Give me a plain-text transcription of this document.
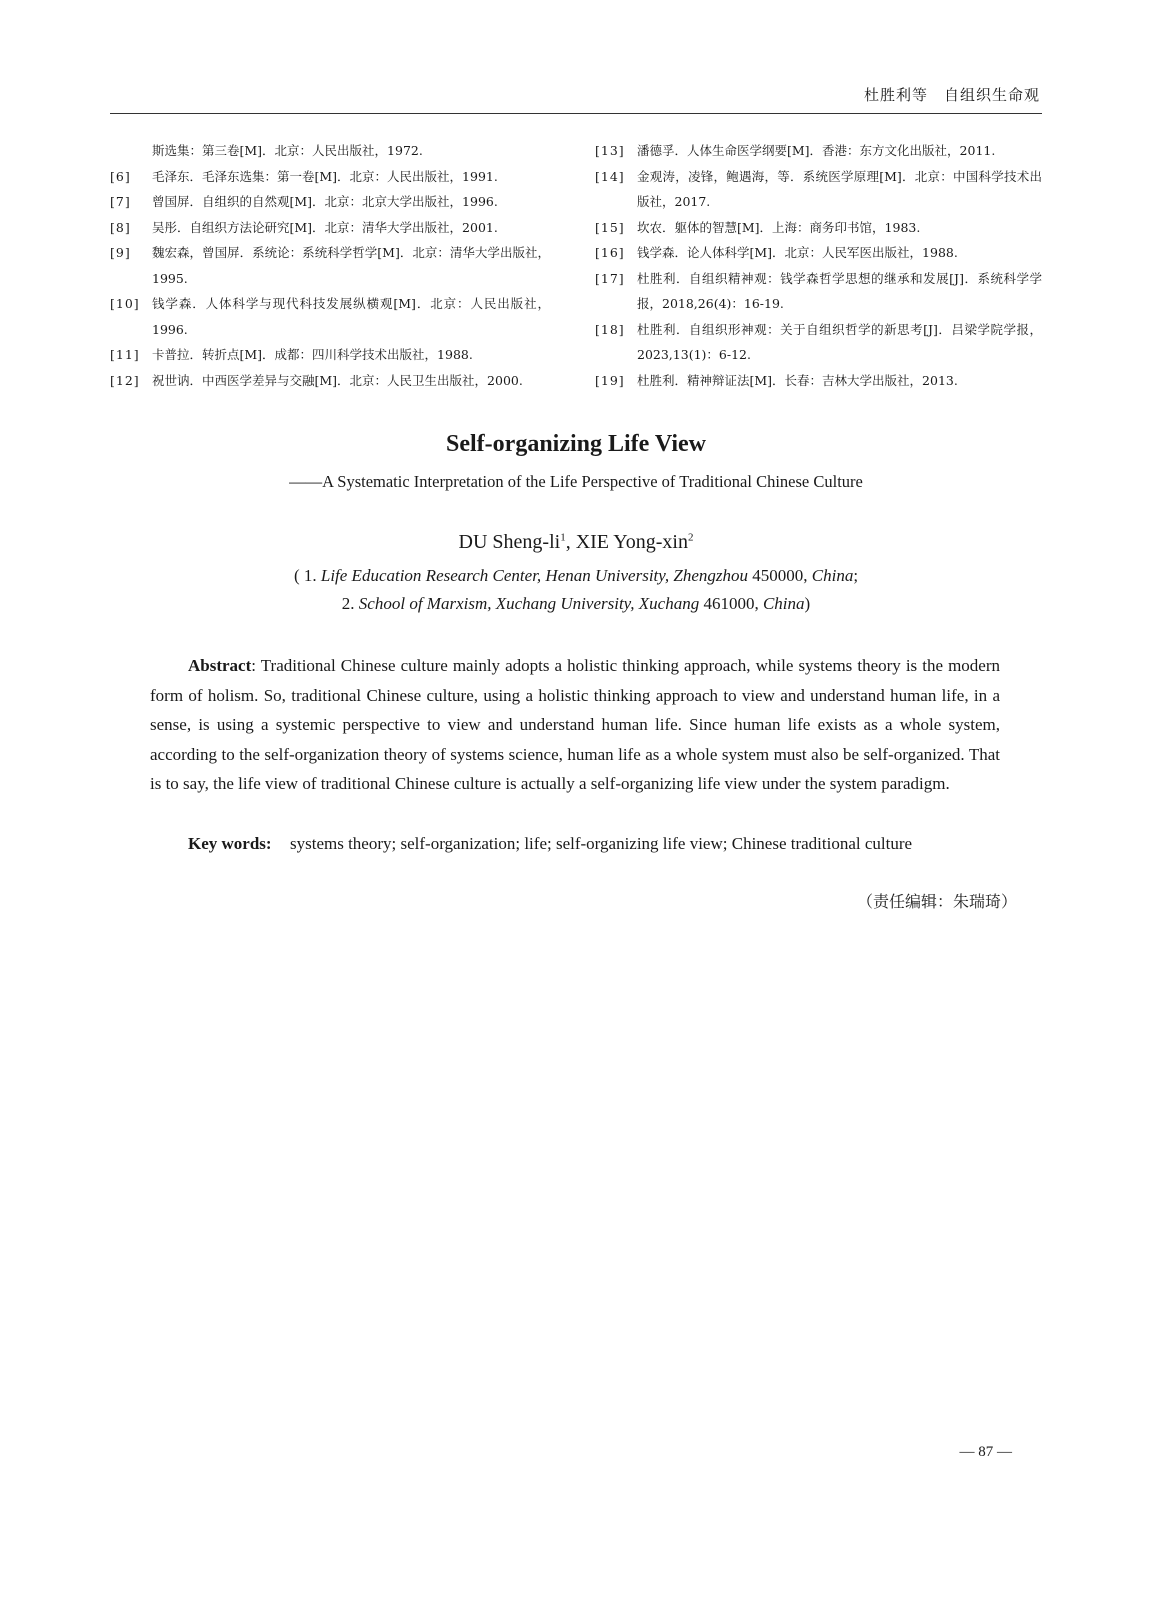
杜胜利等　自组织生命观
斯选集：第三卷[M]．北京：人民出版社，1972.
[6] 毛泽东．毛泽东选集：第一卷[M]．北京：人民出版社，1991.
[7] 曾国屏．自组织的自然观[M]．北京：北京大学出版社，1996.
[8] 吴彤．自组织方法论研究[M]．北京：清华大学出版社，2001.
[9] 魏宏森，曾国屏．系统论：系统科学哲学[M]．北京：清华大学出版社，1995.
[10] 钱学森．人体科学与现代科技发展纵横观[M]．北京：人民出版社，1996.
[11] 卡普拉．转折点[M]．成都：四川科学技术出版社，1988.
[12] 祝世讷．中西医学差异与交融[M]．北京：人民卫生出版社，2000.
[13] 潘德孚．人体生命医学纲要[M]．香港：东方文化出版社，2011.
[14] 金观涛，凌锋，鲍遇海，等．系统医学原理[M]．北京：中国科学技术出版社，2017.
[15] 坎农．躯体的智慧[M]．上海：商务印书馆，1983.
[16] 钱学森．论人体科学[M]．北京：人民军医出版社，1988.
[17] 杜胜利．自组织精神观：钱学森哲学思想的继承和发展[J]．系统科学学报，2018,26(4)：16-19.
[18] 杜胜利．自组织形神观：关于自组织哲学的新思考[J]．吕梁学院学报，2023,13(1)：6-12.
[19] 杜胜利．精神辩证法[M]．长春：吉林大学出版社，2013.
Self-organizing Life View
——A Systematic Interpretation of the Life Perspective of Traditional Chinese Culture
DU Sheng-$li^1$, XIE Yong-xin$^2$
( 1. Life Education Research Center, Henan University, Zhengzhou 450000, China;
2. School of Marxism, Xuchang University, Xuchang 461000, China)
Abstract: Traditional Chinese culture mainly adopts a holistic thinking approach, while systems theory is the modern form of holism. So, traditional Chinese culture, using a holistic thinking approach to view and understand human life, in a sense, is using a systemic perspective to view and understand human life. Since human life exists as a whole system, according to the self-organization theory of systems science, human life as a whole system must also be self-organized. That is to say, the life view of traditional Chinese culture is actually a self-organizing life view under the system paradigm.
Key words: systems theory; self-organization; life; self-organizing life view; Chinese traditional culture
（责任编辑：朱瑞琦）
— 87 —
